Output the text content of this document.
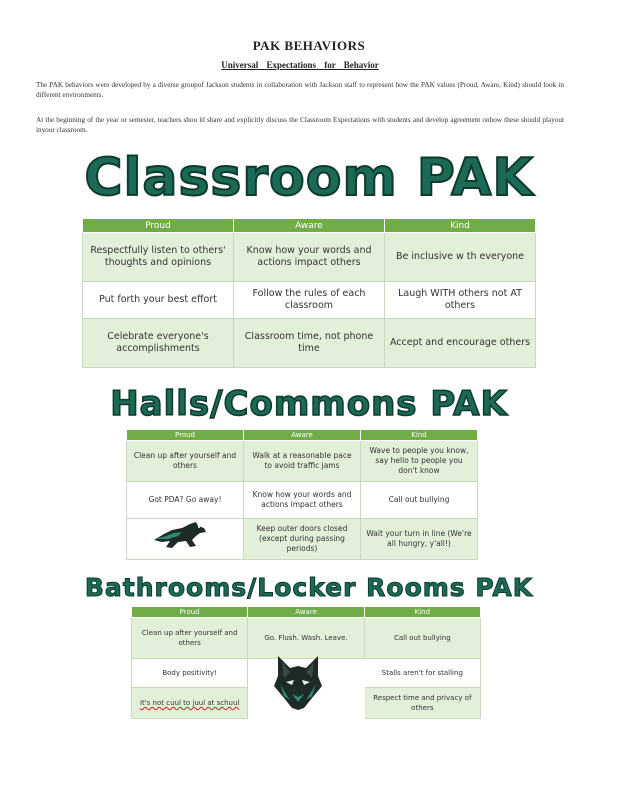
PAK BEHAVIORS
Universal Expectations for Behavior
The PAK behaviors were developed by a diverse groupof Jackson students in collaboration with Jackson staff to represent how the PAK values (Proud, Aware, Kind) should look in different environments.
At the beginning of the year or semester, teachers shou ld share and explicitly discuss the Classroom Expectations with students and develop agreement onhow these should playout inyour classroom.
Classroom PAK
Proud	Aware	Kind
Respectfully listen to others' thoughts and opinions	Know how your words and actions impact others	Be inclusive w th everyone
Put forth your best effort	Follow the rules of each classroom	Laugh WITH others not AT others
Celebrate everyone's accomplishments	Classroom time, not phone time	Accept and encourage others
Halls/Commons PAK
Proud	Aware	Kind
Clean up after yourself and others	Walk at a reasonable pace to avoid traffic jams	Wave to people you know, say hello to people you don't know
Got PDA? Go away!	Know how your words and actions impact others	Call out bullying
	Keep outer doors closed (except during passing periods)	Wait your turn in line (We're all hungry, y'all!)
Bathrooms/Locker Rooms PAK
Proud	Aware	Kind
Clean up after yourself and others	Go. Flush. Wash. Leave.	Call out bullying
Body positivity!		Stalls aren't for stalling
It's not cuul to juul at schuul		Respect time and privacy of others
